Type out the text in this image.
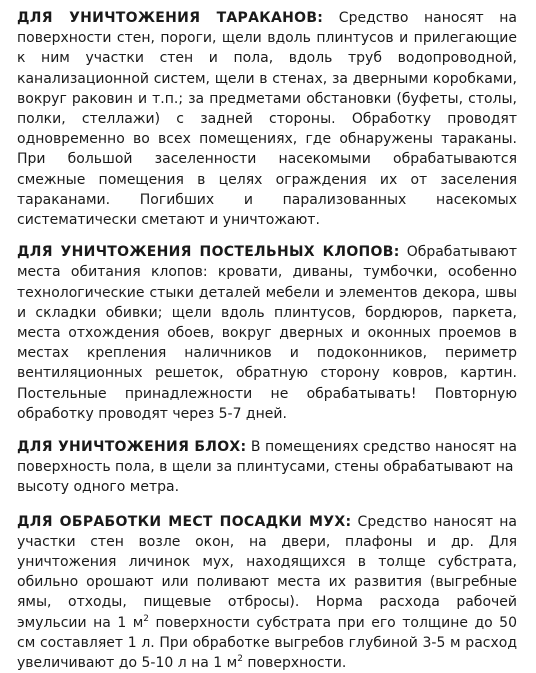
ДЛЯ УНИЧТОЖЕНИЯ ТАРАКАНОВ: Средство наносят на поверхности стен, пороги, щели вдоль плинтусов и прилегающие к ним участки стен и пола, вдоль труб водопроводной, канализационной систем, щели в стенах, за дверными коробками, вокруг раковин и т.п.; за предметами обстановки (буфеты, столы, полки, стеллажи) с задней стороны. Обработку проводят одновременно во всех помещениях, где обнаружены тараканы. При большой заселенности насекомыми обрабатываются смежные помещения в целях ограждения их от заселения тараканами. Погибших и парализованных насекомых систематически сметают и уничтожают.

ДЛЯ УНИЧТОЖЕНИЯ ПОСТЕЛЬНЫХ КЛОПОВ: Обрабатывают места обитания клопов: кровати, диваны, тумбочки, особенно технологические стыки деталей мебели и элементов декора, швы и складки обивки; щели вдоль плинтусов, бордюров, паркета, места отхождения обоев, вокруг дверных и оконных проемов в местах крепления наличников и подоконников, периметр вентиляционных решеток, обратную сторону ковров, картин. Постельные принадлежности не обрабатывать! Повторную обработку проводят через 5-7 дней.

ДЛЯ УНИЧТОЖЕНИЯ БЛОХ: В помещениях средство наносят на поверхность пола, в щели за плинтусами, стены обрабатывают на высоту одного метра.

ДЛЯ ОБРАБОТКИ МЕСТ ПОСАДКИ МУХ: Средство наносят на участки стен возле окон, на двери, плафоны и др. Для уничтожения личинок мух, находящихся в толще субстрата, обильно орошают или поливают места их развития (выгребные ямы, отходы, пищевые отбросы). Норма расхода рабочей эмульсии на 1 $м^2$ поверхности субстрата при его толщине до 50 см составляет 1 л. При обработке выгребов глубиной 3-5 м расход увеличивают до 5-10 л на 1 $м^2$ поверхности.
